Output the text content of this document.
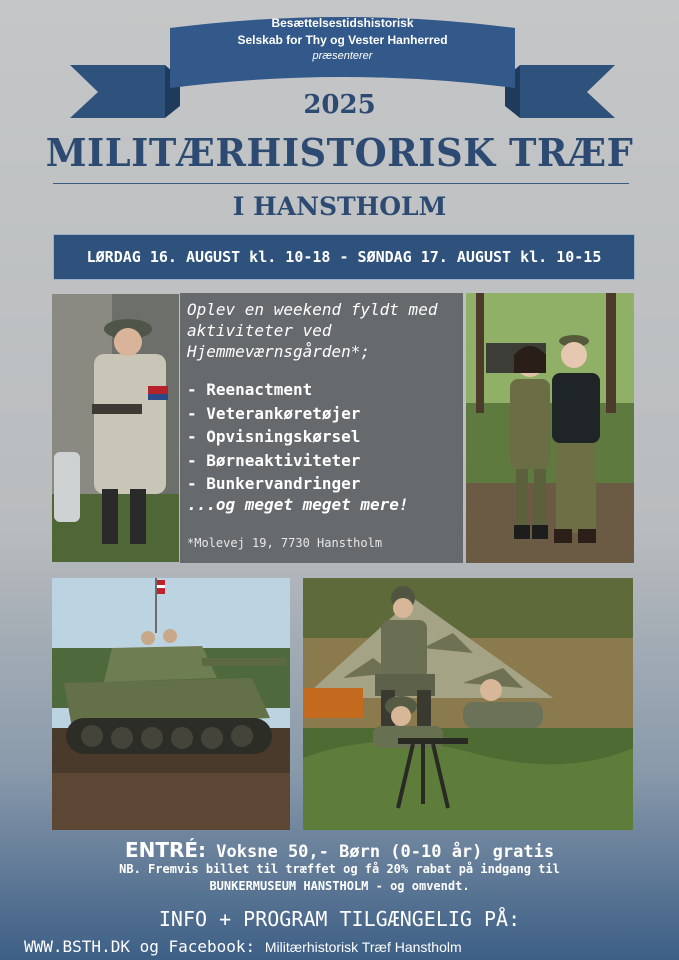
Besættelsestidshistorisk
Selskab for Thy og Vester Hanherred
præsenterer
2025
MILITÆRHISTORISK TRÆF
I HANSTHOLM
LØRDAG 16. AUGUST kl. 10-18 - SØNDAG 17. AUGUST kl. 10-15
Oplev en weekend fyldt med aktiviteter ved Hjemmeværnsgården*;
- Reenactment
- Veterankøretøjer
- Opvisningskørsel
- Børneaktiviteter
- Bunkervandringer
...og meget meget mere!
*Molevej 19, 7730 Hanstholm
ENTRÉ: Voksne 50,- Børn (0-10 år) gratis
NB. Fremvis billet til træffet og få 20% rabat på indgang til
BUNKERMUSEUM HANSTHOLM - og omvendt.
INFO + PROGRAM TILGÆNGELIG PÅ:
WWW.BSTH.DK og Facebook: Militærhistorisk Træf Hanstholm
